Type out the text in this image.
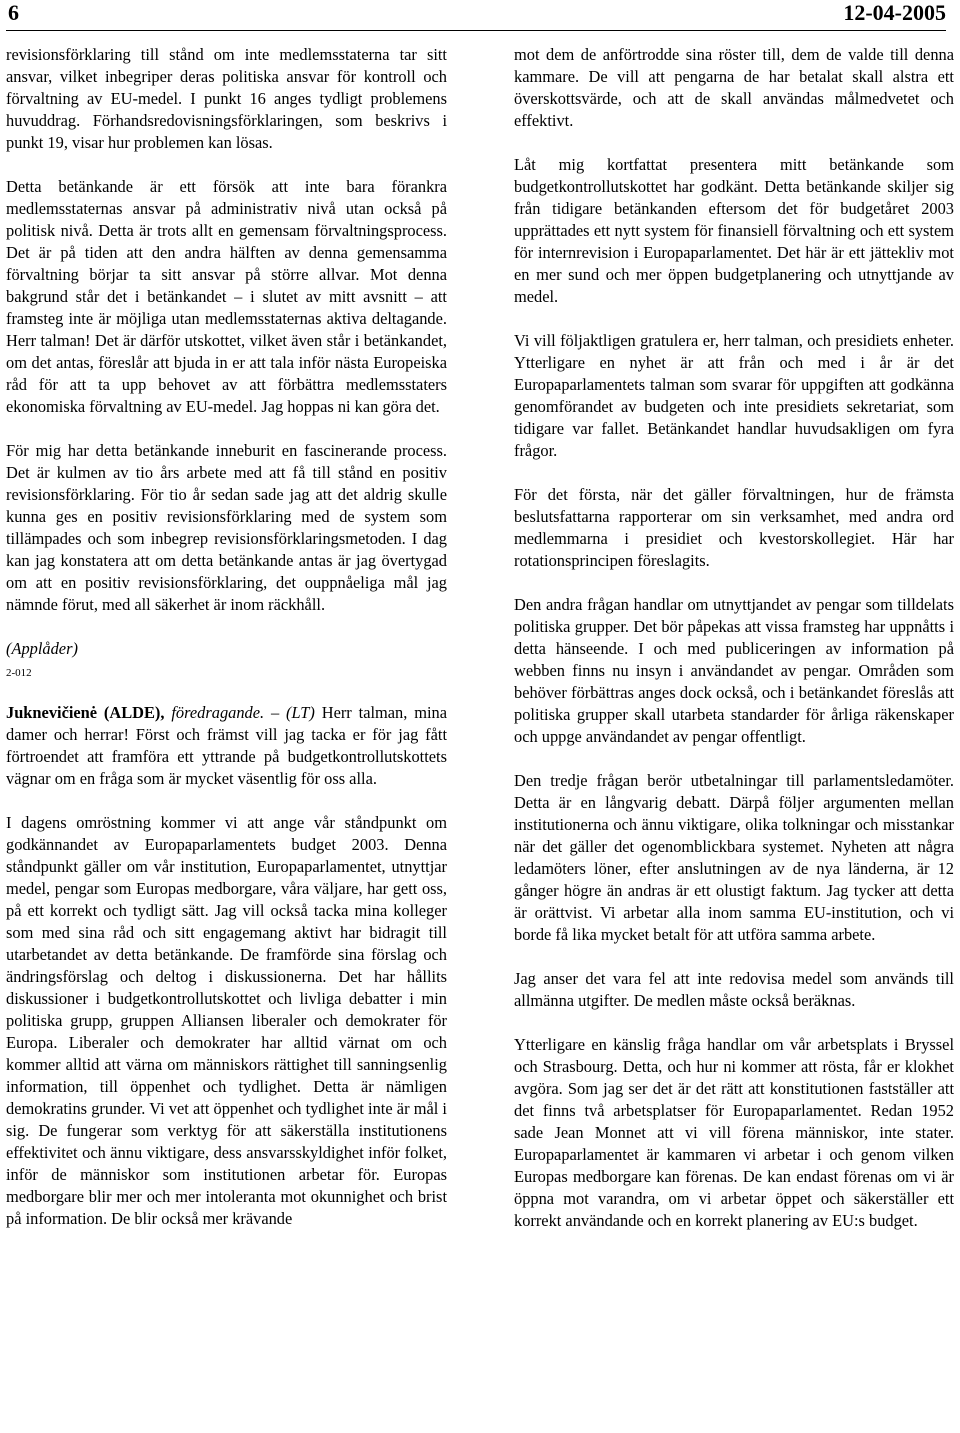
6	12-04-2005

revisionsförklaring till stånd om inte medlemsstaterna tar sitt ansvar, vilket inbegriper deras politiska ansvar för kontroll och förvaltning av EU-medel. I punkt 16 anges tydligt problemens huvuddrag. Förhandsredovisningsförklaringen, som beskrivs i punkt 19, visar hur problemen kan lösas.

Detta betänkande är ett försök att inte bara förankra medlemsstaternas ansvar på administrativ nivå utan också på politisk nivå. Detta är trots allt en gemensam förvaltningsprocess. Det är på tiden att den andra hälften av denna gemensamma förvaltning börjar ta sitt ansvar på större allvar. Mot denna bakgrund står det i betänkandet – i slutet av mitt avsnitt – att framsteg inte är möjliga utan medlemsstaternas aktiva deltagande. Herr talman! Det är därför utskottet, vilket även står i betänkandet, om det antas, föreslår att bjuda in er att tala inför nästa Europeiska råd för att ta upp behovet av att förbättra medlemsstaters ekonomiska förvaltning av EU-medel. Jag hoppas ni kan göra det.

För mig har detta betänkande inneburit en fascinerande process. Det är kulmen av tio års arbete med att få till stånd en positiv revisionsförklaring. För tio år sedan sade jag att det aldrig skulle kunna ges en positiv revisionsförklaring med de system som tillämpades och som inbegrep revisionsförklaringsmetoden. I dag kan jag konstatera att om detta betänkande antas är jag övertygad om att en positiv revisionsförklaring, det ouppnåeliga mål jag nämnde förut, med all säkerhet är inom räckhåll.

(Applåder)

2-012

Juknevičienė (ALDE), föredragande. – (LT) Herr talman, mina damer och herrar! Först och främst vill jag tacka er för jag fått förtroendet att framföra ett yttrande på budgetkontrollutskottets vägnar om en fråga som är mycket väsentlig för oss alla.

I dagens omröstning kommer vi att ange vår ståndpunkt om godkännandet av Europaparlamentets budget 2003. Denna ståndpunkt gäller om vår institution, Europaparlamentet, utnyttjar medel, pengar som Europas medborgare, våra väljare, har gett oss, på ett korrekt och tydligt sätt. Jag vill också tacka mina kolleger som med sina råd och sitt engagemang aktivt har bidragit till utarbetandet av detta betänkande. De framförde sina förslag och ändringsförslag och deltog i diskussionerna. Det har hållits diskussioner i budgetkontrollutskottet och livliga debatter i min politiska grupp, gruppen Alliansen liberaler och demokrater för Europa. Liberaler och demokrater har alltid värnat om och kommer alltid att värna om människors rättighet till sanningsenlig information, till öppenhet och tydlighet. Detta är nämligen demokratins grunder. Vi vet att öppenhet och tydlighet inte är mål i sig. De fungerar som verktyg för att säkerställa institutionens effektivitet och ännu viktigare, dess ansvarsskyldighet inför folket, inför de människor som institutionen arbetar för. Europas medborgare blir mer och mer intoleranta mot okunnighet och brist på information. De blir också mer krävande

mot dem de anförtrodde sina röster till, dem de valde till denna kammare. De vill att pengarna de har betalat skall alstra ett överskottsvärde, och att de skall användas målmedvetet och effektivt.

Låt mig kortfattat presentera mitt betänkande som budgetkontrollutskottet har godkänt. Detta betänkande skiljer sig från tidigare betänkanden eftersom det för budgetåret 2003 upprättades ett nytt system för finansiell förvaltning och ett system för internrevision i Europaparlamentet. Det här är ett jättekliv mot en mer sund och mer öppen budgetplanering och utnyttjande av medel.

Vi vill följaktligen gratulera er, herr talman, och presidiets enheter. Ytterligare en nyhet är att från och med i år är det Europaparlamentets talman som svarar för uppgiften att godkänna genomförandet av budgeten och inte presidiets sekretariat, som tidigare var fallet. Betänkandet handlar huvudsakligen om fyra frågor.

För det första, när det gäller förvaltningen, hur de främsta beslutsfattarna rapporterar om sin verksamhet, med andra ord medlemmarna i presidiet och kvestorskollegiet. Här har rotationsprincipen föreslagits.

Den andra frågan handlar om utnyttjandet av pengar som tilldelats politiska grupper. Det bör påpekas att vissa framsteg har uppnåtts i detta hänseende. I och med publiceringen av information på webben finns nu insyn i användandet av pengar. Områden som behöver förbättras anges dock också, och i betänkandet föreslås att politiska grupper skall utarbeta standarder för årliga räkenskaper och uppge användandet av pengar offentligt.

Den tredje frågan berör utbetalningar till parlamentsledamöter. Detta är en långvarig debatt. Därpå följer argumenten mellan institutionerna och ännu viktigare, olika tolkningar och misstankar när det gäller det ogenomblickbara systemet. Nyheten att några ledamöters löner, efter anslutningen av de nya länderna, är 12 gånger högre än andras är ett olustigt faktum. Jag tycker att detta är orättvist. Vi arbetar alla inom samma EU-institution, och vi borde få lika mycket betalt för att utföra samma arbete.

Jag anser det vara fel att inte redovisa medel som används till allmänna utgifter. De medlen måste också beräknas.

Ytterligare en känslig fråga handlar om vår arbetsplats i Bryssel och Strasbourg. Detta, och hur ni kommer att rösta, får er klokhet avgöra. Som jag ser det är det rätt att konstitutionen fastställer att det finns två arbetsplatser för Europaparlamentet. Redan 1952 sade Jean Monnet att vi vill förena människor, inte stater. Europaparlamentet är kammaren vi arbetar i och genom vilken Europas medborgare kan förenas. De kan endast förenas om vi är öppna mot varandra, om vi arbetar öppet och säkerställer ett korrekt användande och en korrekt planering av EU:s budget.
